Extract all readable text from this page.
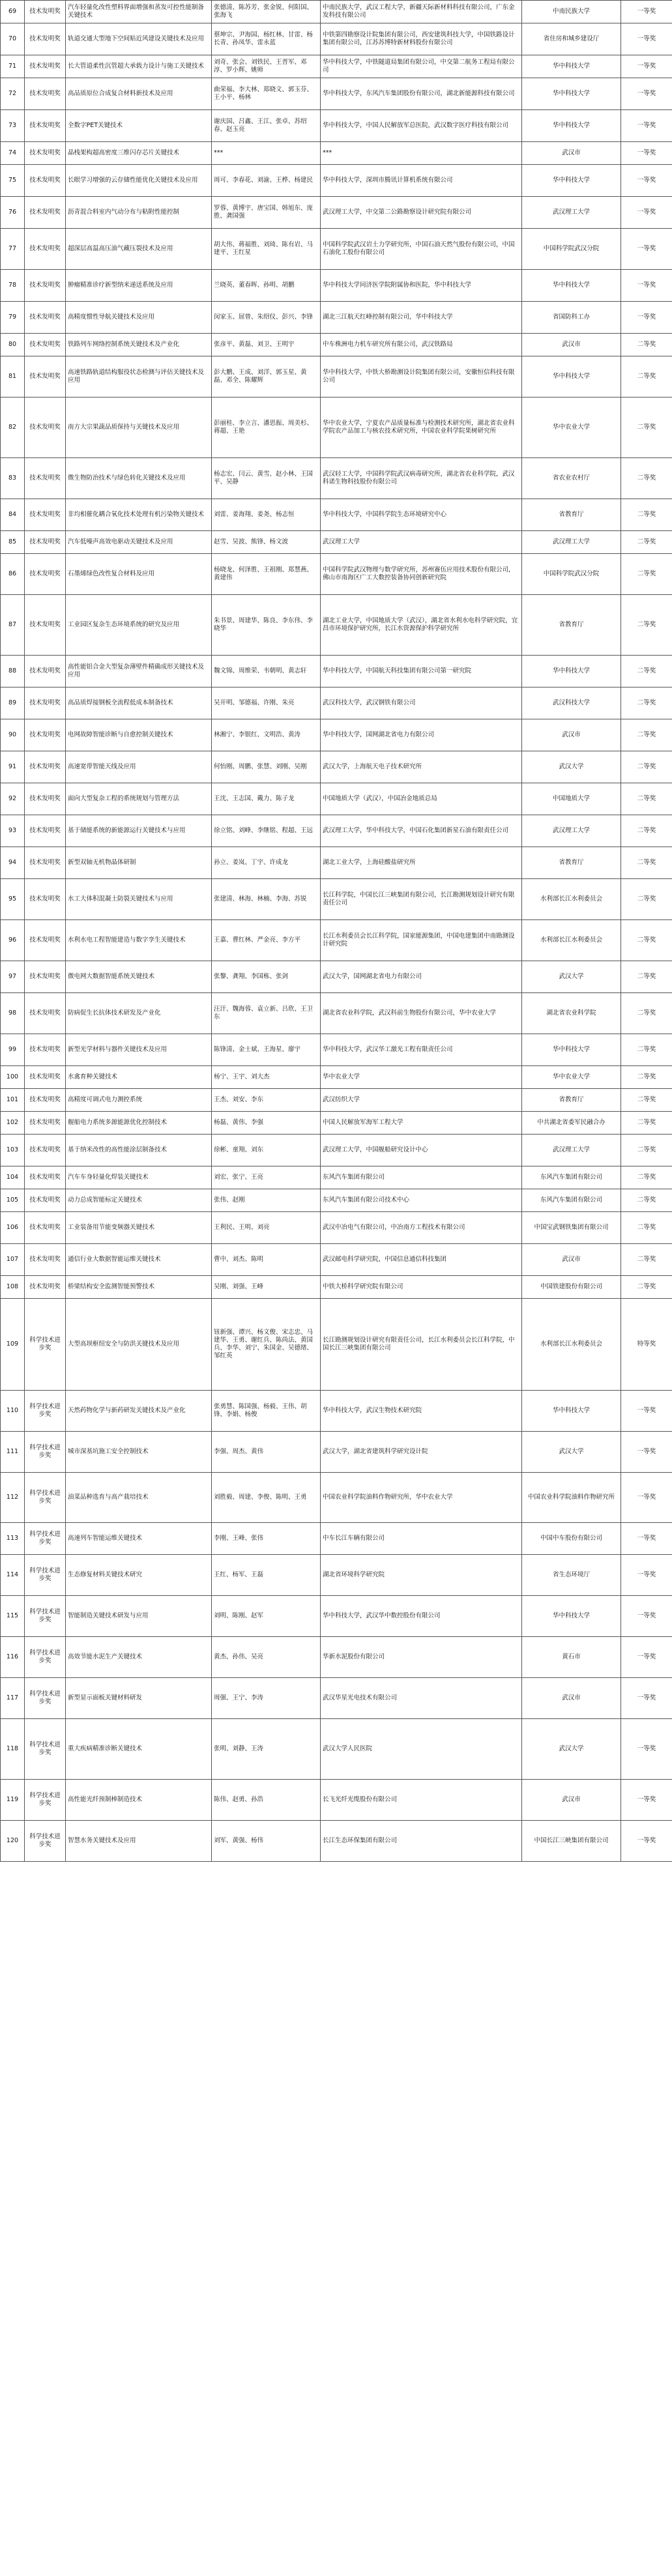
69	技术发明奖	汽车轻量化改性塑料界面增强和蒸发可控性能制备关键技术	张德清、陈苏芳、张金锐、何阳国、张海飞	中南民族大学，武汉工程大学，新疆天际新材料科技有限公司，广东金发科技有限公司	中南民族大学	一等奖
70	技术发明奖	轨道交通大型地下空间贴近风建设关键技术及应用	蔡坤宗、尹海国、杨红林、甘雷、杨长青、孙凤华、雷永蓝	中铁第四勘察设计院集团有限公司，西安建筑科技大学，中国铁路设计集团有限公司，江苏苏博特新材料股份有限公司	省住房和城乡建设厅	一等奖
71	技术发明奖	长大管道柔性沉管超大承载力设计与施工关键技术	刘奇、张会、刘铁民、王晋军、邓淳、罗小辉、姚师	华中科技大学，中铁隧道局集团有限公司，中交第二航务工程局有限公司	华中科技大学	一等奖
72	技术发明奖	高品质原位合成复合材料新技术及应用	曲荣福、李大林、郑晓文、郭玉芬、王小平、杨林	华中科技大学，东风汽车集团股份有限公司，湖北新能源科技有限公司	华中科技大学	一等奖
73	技术发明奖	全数字PET关键技术	谢庆国、吕鑫、王江、张卓、苏绍春、赵玉亮	华中科技大学，中国人民解放军总医院，武汉数字医疗科技有限公司	华中科技大学	一等奖
74	技术发明奖	晶栈架构超高密度三维闪存芯片关键技术	***	***	武汉市	一等奖
75	技术发明奖	长眼学习增强的云存储性能优化关键技术及应用	周可、李春花、刘渝、王桦、杨建民	华中科技大学，深圳市腾讯计算机系统有限公司	华中科技大学	一等奖
76	技术发明奖	沥青混合料室内气动分布与粘附性能控制	罗蓉、黄博宇、唐宝国、韩旭东、庞胜、龚国强	武汉理工大学，中交第二公路勘察设计研究院有限公司	武汉理工大学	一等奖
77	技术发明奖	超深层高温高压油气藏压裂技术及应用	胡大伟、蒋福胜、刘琦、陈有岩、马建平、王红星	中国科学院武汉岩土力学研究所，中国石油天然气股份有限公司，中国石油化工股份有限公司	中国科学院武汉分院	一等奖
78	技术发明奖	肿瘤精准诊疗新型纳米递送系统及应用	兰晓英、董春晖、孙明、胡鹏	华中科技大学同济医学院附属协和医院，华中科技大学	华中科技大学	一等奖
79	技术发明奖	高精度惯性导航关键技术及应用	闵家玉、屈曾、朱绍仪、彭兴、李锋	湖北三江航天红峰控制有限公司，华中科技大学	省国防科工办	一等奖
80	技术发明奖	铁路列车网络控制系统关键技术及产业化	张彦平、黄磊、刘卫、王明宇	中车株洲电力机车研究所有限公司，武汉铁路局	武汉市	二等奖
81	技术发明奖	高速铁路轨道结构服役状态检测与评估关键技术及应用	彭大鹏、王成、刘洋、郭玉星、黄磊、邓全、陈耀辉	华中科技大学，中铁大桥勘测设计院集团有限公司，安徽恒信科技有限公司	华中科技大学	二等奖
82	技术发明奖	南方大宗果蔬品质保持与关键技术及应用	彭丽桂、李立言、潘思振、周美杉、蒋超、王艳	华中农业大学，宁夏农产品质量标准与检测技术研究所，湖北省农业科学院农产品加工与核农技术研究所，中国农业科学院果树研究所	华中农业大学	二等奖
83	技术发明奖	微生物防治技术与绿色转化关键技术及应用	杨志宏、闫云、黄雪、赵小林、王国平、吴静	武汉轻工大学，中国科学院武汉病毒研究所，湖北省农业科学院，武汉科诺生物科技股份有限公司	省农业农村厅	二等奖
84	技术发明奖	非均相催化耦合氧化技术处理有机污染物关键技术	刘雷、姜海翔、姜尧、杨志恒	华中科技大学，中国科学院生态环境研究中心	省教育厅	二等奖
85	技术发明奖	汽车低噪声高效电驱动关键技术及应用	赵雪、吴波、熊锋、杨文波	武汉理工大学	武汉理工大学	二等奖
86	技术发明奖	石墨烯绿色改性复合材料及应用	杨晓龙、何泽胜、王祖刚、郑慧燕、黄建伟	中国科学院武汉物理与数学研究所，苏州赛伍应用技术股份有限公司，佛山市南海区广工大数控装备协同创新研究院	中国科学院武汉分院	二等奖
87	技术发明奖	工业园区复杂生态环境系统的研究及应用	朱书景、周建华、陈良、李东伟、李晓华	湖北工业大学，中国地质大学（武汉），湖北省水利水电科学研究院，宜昌市环境保护研究所，长江水资源保护科学研究所	省教育厅	二等奖
88	技术发明奖	高性能铝合金大型复杂薄壁件精确成形关键技术及应用	魏文锦、周维荣、韦朝明、黄志轩	华中科技大学，中国航天科技集团有限公司第一研究院	华中科技大学	二等奖
89	技术发明奖	高品质焊接钢板全流程低成本制备技术	吴开明、邹德福、许刚、朱亮	武汉科技大学，武汉钢铁有限公司	武汉科技大学	二等奖
90	技术发明奖	电网故障智能诊断与自愈控制关键技术	林湘宁、李银红、文明浩、黄涛	华中科技大学，国网湖北省电力有限公司	武汉市	二等奖
91	技术发明奖	高速宽带智能天线及应用	何怡刚、周鹏、张慧、刘刚、吴刚	武汉大学，上海航天电子技术研究所	武汉大学	二等奖
92	技术发明奖	面向大型复杂工程的系统规划与管理方法	王沈、王志国、戴力、陈子龙	中国地质大学（武汉），中国冶金地质总局	中国地质大学	二等奖
93	技术发明奖	基于储能系统的新能源运行关键技术与应用	徐立铭、刘峰、李继铭、程超、王远	武汉理工大学，华中科技大学，中国石化集团新星石油有限责任公司	武汉理工大学	二等奖
94	技术发明奖	新型双轴无机物晶体研制	孙立、姜岚、丁宇、许成龙	湖北工业大学，上海硅酸盐研究所	省教育厅	二等奖
95	技术发明奖	水工大体积混凝土防裂关键技术与应用	张建清、林海、林楠、李海、苏锐	长江科学院，中国长江三峡集团有限公司，长江勘测规划设计研究有限责任公司	水利部长江水利委员会	二等奖
96	技术发明奖	水利水电工程智能建造与数字孪生关键技术	王嘉、曹红林、严金亮、李方平	长江水利委员会长江科学院，国家能源集团，中国电建集团中南勘测设计研究院	水利部长江水利委员会	二等奖
97	技术发明奖	微电网大数据智能系统关键技术	张黎、龚翔、李国栋、张剑	武汉大学，国网湖北省电力有限公司	武汉大学	二等奖
98	技术发明奖	防病促生长抗体技术研发及产业化	汪汗、魏海蓉、袁立新、吕欣、王卫东	湖北省农业科学院，武汉科前生物股份有限公司，华中农业大学	湖北省农业科学院	二等奖
99	技术发明奖	新型光学材料与器件关键技术及应用	陈锋清、金士斌、王海星、廖宇	华中科技大学，武汉华工激光工程有限责任公司	华中科技大学	二等奖
100	技术发明奖	水禽育种关键技术	杨宁、王宇、刘大杰	华中农业大学	华中农业大学	二等奖
101	技术发明奖	高精度可调式电力测控系统	王杰、刘安、李东	武汉纺织大学	省教育厅	二等奖
102	技术发明奖	舰船电力系统多源能源优化控制技术	杨磊、黄伟、李强	中国人民解放军海军工程大学	中共湖北省委军民融合办	二等奖
103	技术发明奖	基于纳米改性的高性能涂层制备技术	徐彬、童翔、刘东	武汉理工大学，中国舰船研究设计中心	武汉理工大学	二等奖
104	技术发明奖	汽车车身轻量化焊装关键技术	刘宏、张宁、王亮	东风汽车集团有限公司	东风汽车集团有限公司	二等奖
105	技术发明奖	动力总成智能标定关键技术	张伟、赵刚	东风汽车集团有限公司技术中心	东风汽车集团有限公司	二等奖
106	技术发明奖	工业装备用节能变频器关键技术	王利民、王明、刘亮	武汉中冶电气有限公司，中冶南方工程技术有限公司	中国宝武钢铁集团有限公司	二等奖
107	技术发明奖	通信行业大数据智能运维关键技术	曹中、刘杰、陈明	武汉邮电科学研究院，中国信息通信科技集团	武汉市	二等奖
108	技术发明奖	桥梁结构安全监测智能预警技术	吴刚、刘强、王峰	中铁大桥科学研究院有限公司	中国铁建股份有限公司	二等奖
109	科学技术进步奖	大型高坝枢纽安全与防洪关键技术及应用	钮新强、谭兴、杨文俊、宋志忠、马建华、王勇、谢红兵、陈尚法、黄国兵、李华、刘宁、朱国金、吴德绪、邹红英	长江勘测规划设计研究有限责任公司，长江水利委员会长江科学院，中国长江三峡集团有限公司	水利部长江水利委员会	特等奖
110	科学技术进步奖	天然药物化学与新药研发关键技术及产业化	张勇慧、陈国强、杨毅、王伟、胡锋、李娟、杨俊	华中科技大学，武汉生物技术研究院	华中科技大学	一等奖
111	科学技术进步奖	城市深基坑施工安全控制技术	李强、周杰、黄伟	武汉大学，湖北省建筑科学研究设计院	武汉大学	一等奖
112	科学技术进步奖	油菜品种选育与高产栽培技术	刘胜毅、周建、李俊、陈明、王勇	中国农业科学院油料作物研究所，华中农业大学	中国农业科学院油料作物研究所	一等奖
113	科学技术进步奖	高速列车智能运维关键技术	李刚、王峰、张伟	中车长江车辆有限公司	中国中车股份有限公司	一等奖
114	科学技术进步奖	生态修复材料关键技术研究	王红、杨军、王磊	湖北省环境科学研究院	省生态环境厅	一等奖
115	科学技术进步奖	智能制造关键技术研发与应用	刘明、陈刚、赵军	华中科技大学，武汉华中数控股份有限公司	华中科技大学	一等奖
116	科学技术进步奖	高效节能水泥生产关键技术	黄杰、孙伟、吴亮	华新水泥股份有限公司	黄石市	一等奖
117	科学技术进步奖	新型显示面板关键材料研发	周强、王宁、李涛	武汉华星光电技术有限公司	武汉市	一等奖
118	科学技术进步奖	重大疾病精准诊断关键技术	张明、刘静、王涛	武汉大学人民医院	武汉大学	一等奖
119	科学技术进步奖	高性能光纤预制棒制造技术	陈伟、赵勇、孙浩	长飞光纤光缆股份有限公司	武汉市	一等奖
120	科学技术进步奖	智慧水务关键技术及应用	刘军、黄强、杨伟	长江生态环保集团有限公司	中国长江三峡集团有限公司	一等奖
